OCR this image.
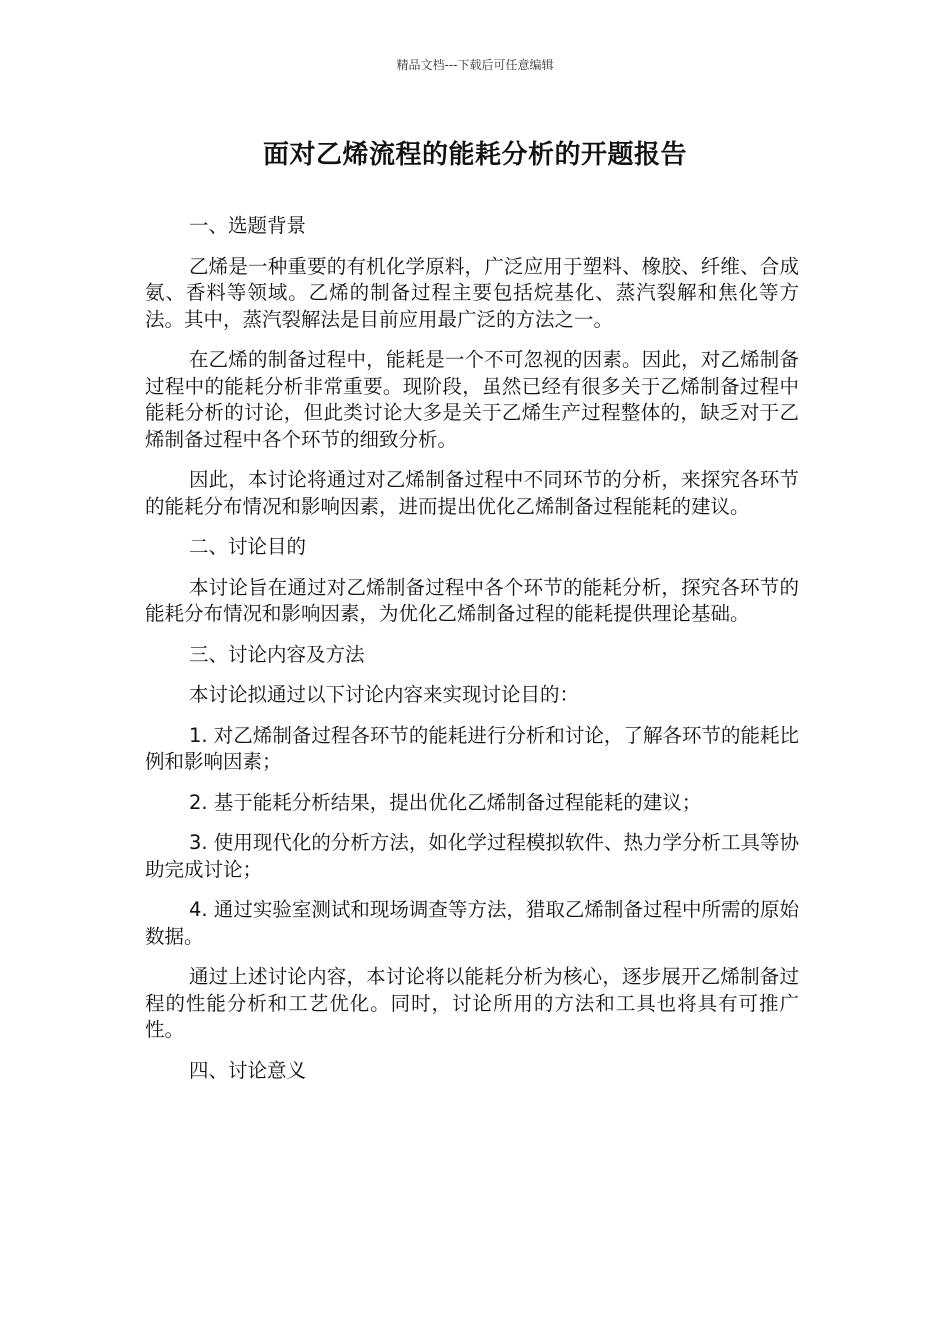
精品文档---下载后可任意编辑
面对乙烯流程的能耗分析的开题报告

一、选题背景

乙烯是一种重要的有机化学原料，广泛应用于塑料、橡胶、纤维、合成氨、香料等领域。乙烯的制备过程主要包括烷基化、蒸汽裂解和焦化等方法。其中，蒸汽裂解法是目前应用最广泛的方法之一。

在乙烯的制备过程中，能耗是一个不可忽视的因素。因此，对乙烯制备过程中的能耗分析非常重要。现阶段，虽然已经有很多关于乙烯制备过程中能耗分析的讨论，但此类讨论大多是关于乙烯生产过程整体的，缺乏对于乙烯制备过程中各个环节的细致分析。

因此，本讨论将通过对乙烯制备过程中不同环节的分析，来探究各环节的能耗分布情况和影响因素，进而提出优化乙烯制备过程能耗的建议。

二、讨论目的

本讨论旨在通过对乙烯制备过程中各个环节的能耗分析，探究各环节的能耗分布情况和影响因素，为优化乙烯制备过程的能耗提供理论基础。

三、讨论内容及方法

本讨论拟通过以下讨论内容来实现讨论目的：

1. 对乙烯制备过程各环节的能耗进行分析和讨论，了解各环节的能耗比例和影响因素；

2. 基于能耗分析结果，提出优化乙烯制备过程能耗的建议；

3. 使用现代化的分析方法，如化学过程模拟软件、热力学分析工具等协助完成讨论；

4. 通过实验室测试和现场调查等方法，猎取乙烯制备过程中所需的原始数据。

通过上述讨论内容，本讨论将以能耗分析为核心，逐步展开乙烯制备过程的性能分析和工艺优化。同时，讨论所用的方法和工具也将具有可推广性。

四、讨论意义
